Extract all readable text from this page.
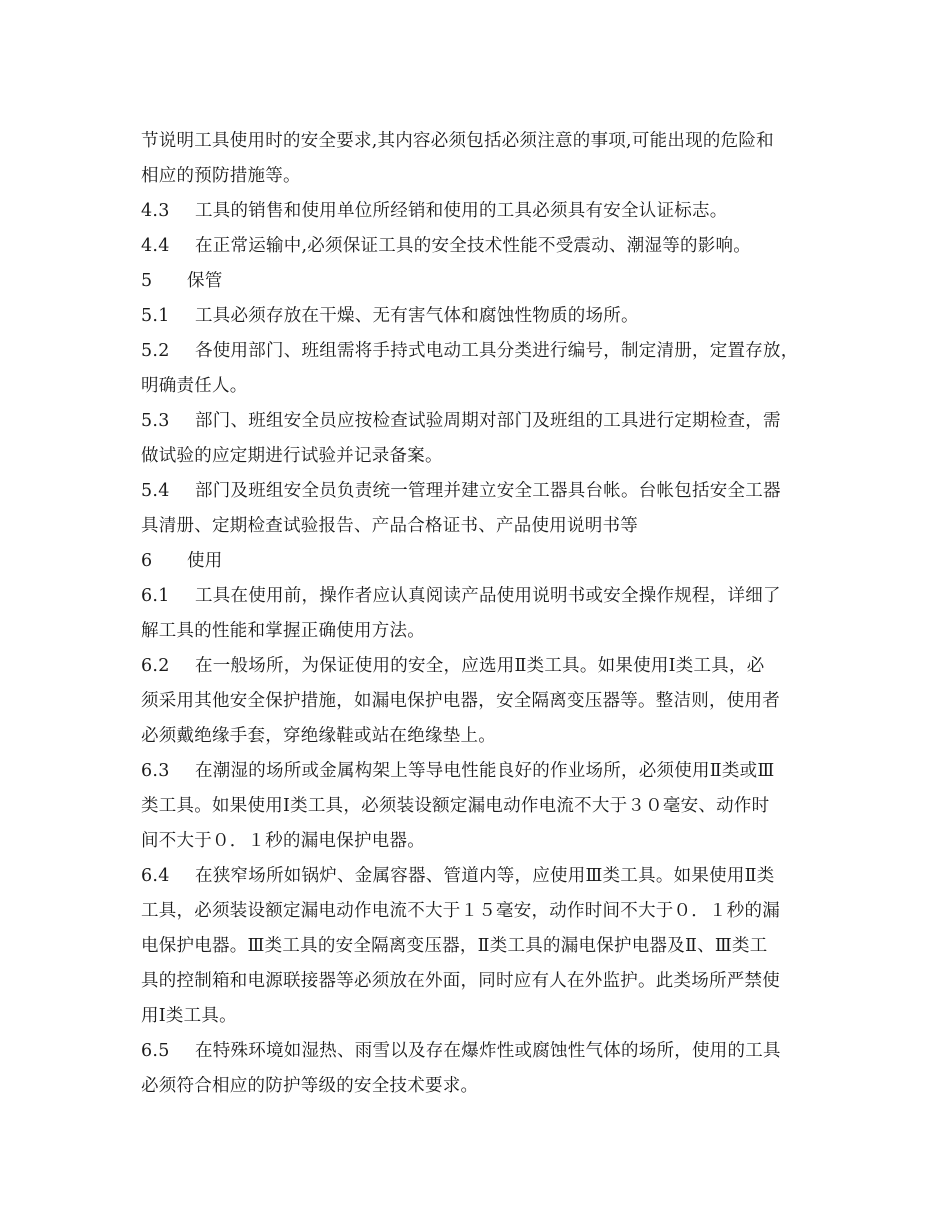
节说明工具使用时的安全要求,其内容必须包括必须注意的事项,可能出现的危险和
相应的预防措施等。
4.3 工具的销售和使用单位所经销和使用的工具必须具有安全认证标志。
4.4 在正常运输中,必须保证工具的安全技术性能不受震动、潮湿等的影响。
5 保管
5.1 工具必须存放在干燥、无有害气体和腐蚀性物质的场所。
5.2 各使用部门、班组需将手持式电动工具分类进行编号，制定清册，定置存放，
明确责任人。
5.3 部门、班组安全员应按检查试验周期对部门及班组的工具进行定期检查，需
做试验的应定期进行试验并记录备案。
5.4 部门及班组安全员负责统一管理并建立安全工器具台帐。台帐包括安全工器
具清册、定期检查试验报告、产品合格证书、产品使用说明书等
6 使用
6.1 工具在使用前，操作者应认真阅读产品使用说明书或安全操作规程，详细了
解工具的性能和掌握正确使用方法。
6.2 在一般场所，为保证使用的安全，应选用Ⅱ类工具。如果使用Ⅰ类工具，必
须采用其他安全保护措施，如漏电保护电器，安全隔离变压器等。整洁则，使用者
必须戴绝缘手套，穿绝缘鞋或站在绝缘垫上。
6.3 在潮湿的场所或金属构架上等导电性能良好的作业场所，必须使用Ⅱ类或Ⅲ
类工具。如果使用Ⅰ类工具，必须装设额定漏电动作电流不大于３０毫安、动作时
间不大于０．１秒的漏电保护电器。
6.4 在狭窄场所如锅炉、金属容器、管道内等，应使用Ⅲ类工具。如果使用Ⅱ类
工具，必须装设额定漏电动作电流不大于１５毫安，动作时间不大于０．１秒的漏
电保护电器。Ⅲ类工具的安全隔离变压器，Ⅱ类工具的漏电保护电器及Ⅱ、Ⅲ类工
具的控制箱和电源联接器等必须放在外面，同时应有人在外监护。此类场所严禁使
用Ⅰ类工具。
6.5 在特殊环境如湿热、雨雪以及存在爆炸性或腐蚀性气体的场所，使用的工具
必须符合相应的防护等级的安全技术要求。
